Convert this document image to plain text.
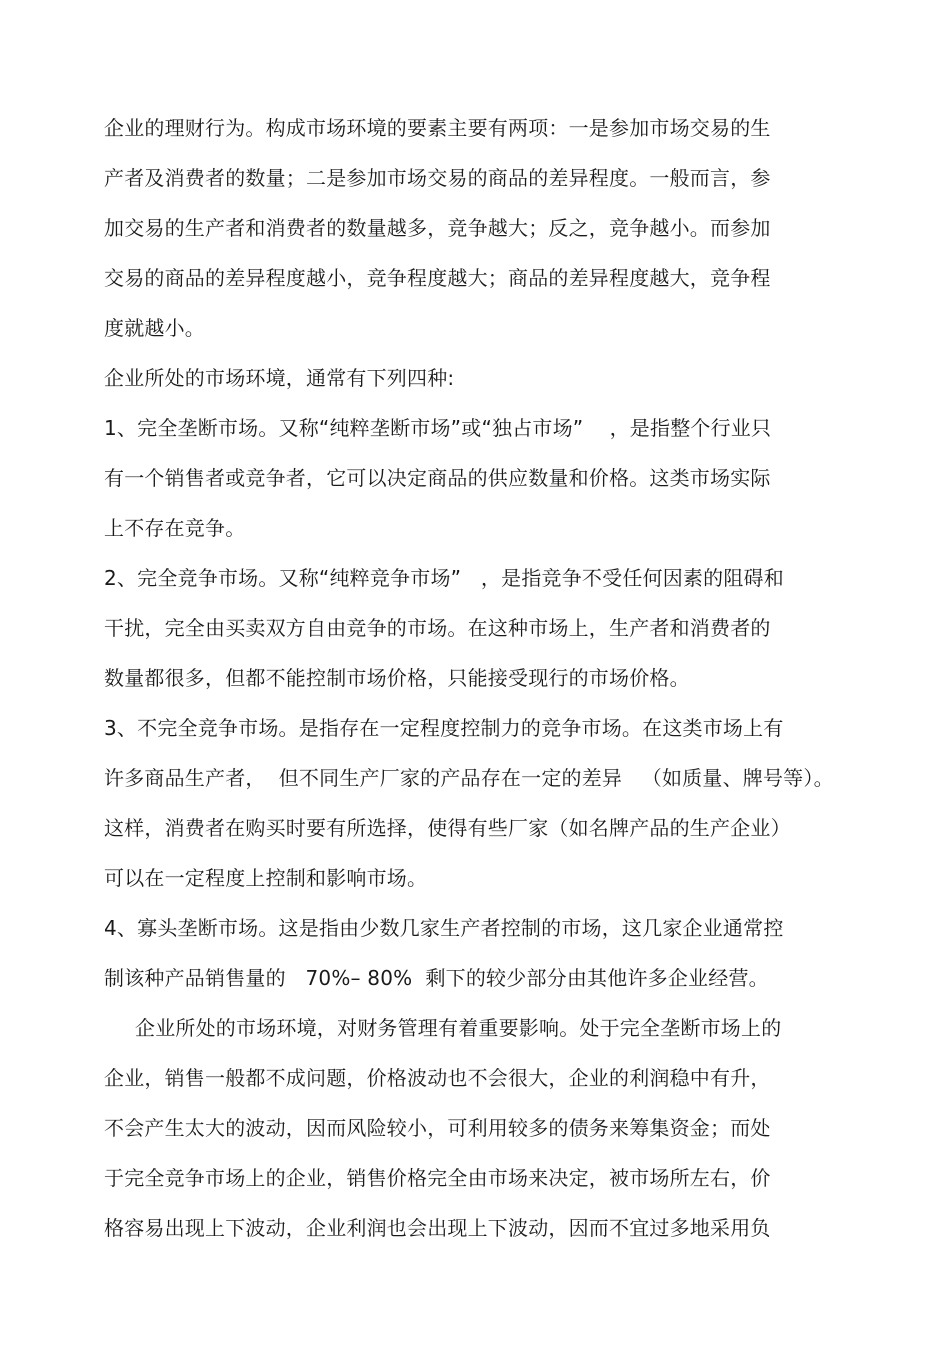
企业的理财行为。构成市场环境的要素主要有两项：一是参加市场交易的生
产者及消费者的数量；二是参加市场交易的商品的差异程度。一般而言，参
加交易的生产者和消费者的数量越多，竞争越大；反之，竞争越小。而参加
交易的商品的差异程度越小，竞争程度越大；商品的差异程度越大，竞争程
度就越小。
企业所处的市场环境，通常有下列四种:
1、完全垄断市场。又称“纯粹垄断市场”或“独占市场”    ，是指整个行业只
有一个销售者或竞争者，它可以决定商品的供应数量和价格。这类市场实际
上不存在竞争。
2、完全竞争市场。又称“纯粹竞争市场”   ，是指竞争不受任何因素的阻碍和
干扰，完全由买卖双方自由竞争的市场。在这种市场上，生产者和消费者的
数量都很多，但都不能控制市场价格，只能接受现行的市场价格。
3、不完全竞争市场。是指存在一定程度控制力的竞争市场。在这类市场上有
许多商品生产者，  但不同生产厂家的产品存在一定的差异   （如质量、牌号等）。
这样，消费者在购买时要有所选择，使得有些厂家（如名牌产品的生产企业）
可以在一定程度上控制和影响市场。
4、寡头垄断市场。这是指由少数几家生产者控制的市场，这几家企业通常控
制该种产品销售量的   70%– 80%  剩下的较少部分由其他许多企业经营。
企业所处的市场环境，对财务管理有着重要影响。处于完全垄断市场上的
企业，销售一般都不成问题，价格波动也不会很大，企业的利润稳中有升，
不会产生太大的波动，因而风险较小，可利用较多的债务来筹集资金；而处
于完全竞争市场上的企业，销售价格完全由市场来决定，被市场所左右，价
格容易出现上下波动，企业利润也会出现上下波动，因而不宜过多地采用负
